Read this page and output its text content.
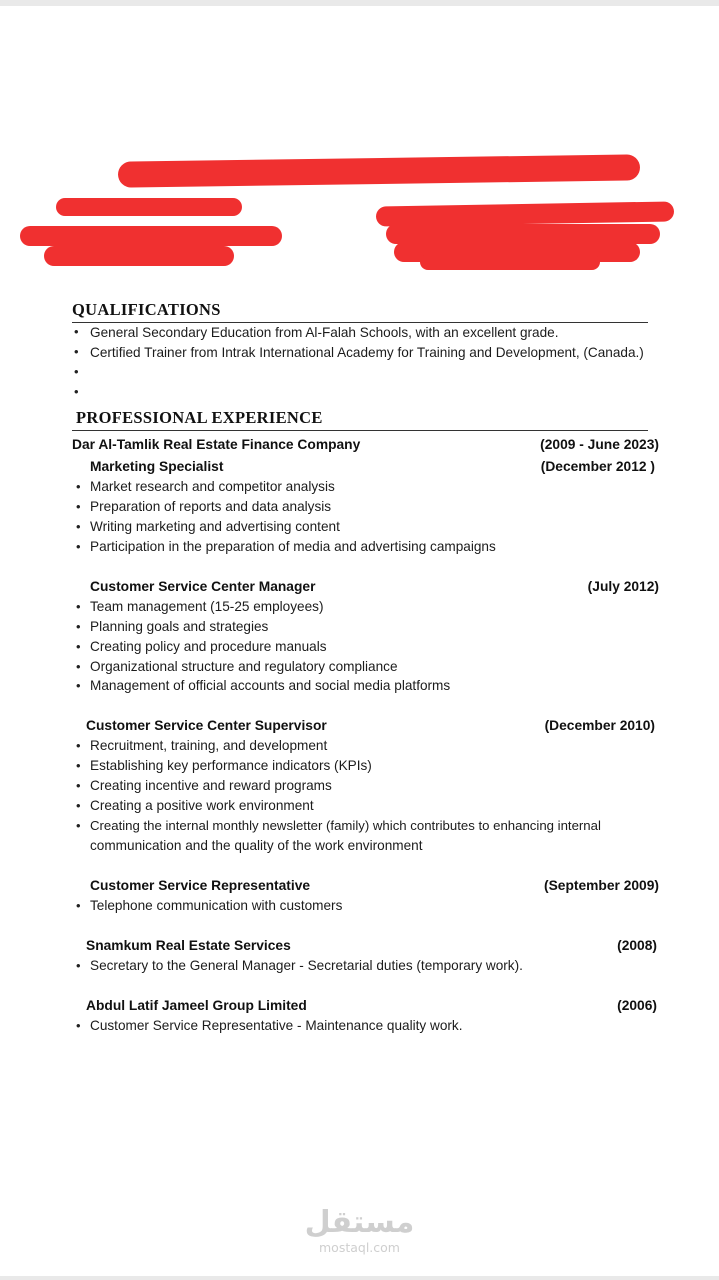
QUALIFICATIONS
• General Secondary Education from Al-Falah Schools, with an excellent grade.
• Certified Trainer from Intrak International Academy for Training and Development, (Canada.)
•
•
PROFESSIONAL EXPERIENCE
Dar Al-Tamlik Real Estate Finance Company	(2009 - June 2023)
Marketing Specialist	(December 2012 )
• Market research and competitor analysis
• Preparation of reports and data analysis
• Writing marketing and advertising content
• Participation in the preparation of media and advertising campaigns
Customer Service Center Manager	(July 2012)
• Team management (15-25 employees)
• Planning goals and strategies
• Creating policy and procedure manuals
• Organizational structure and regulatory compliance
• Management of official accounts and social media platforms
Customer Service Center Supervisor	(December 2010)
• Recruitment, training, and development
• Establishing key performance indicators (KPIs)
• Creating incentive and reward programs
• Creating a positive work environment
• Creating the internal monthly newsletter (family) which contributes to enhancing internal
communication and the quality of the work environment
Customer Service Representative	(September 2009)
• Telephone communication with customers
Snamkum Real Estate Services	(2008)
• Secretary to the General Manager - Secretarial duties (temporary work).
Abdul Latif Jameel Group Limited	(2006)
• Customer Service Representative - Maintenance quality work.
مستقل
mostaql.com
